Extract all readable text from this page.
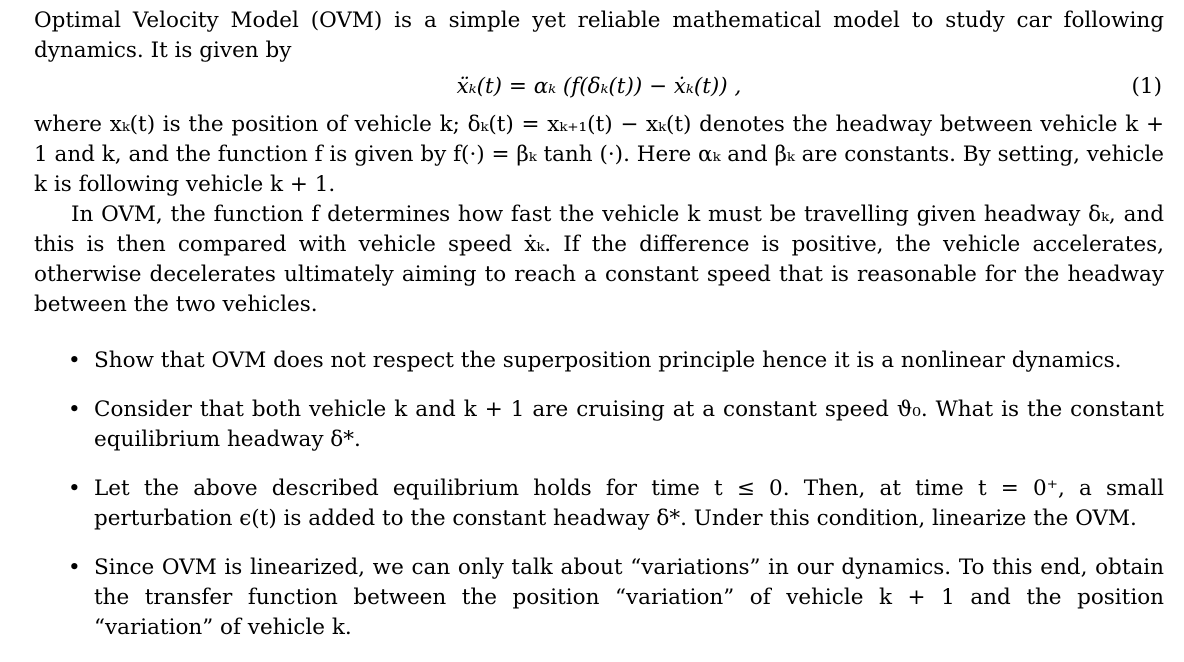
Optimal Velocity Model (OVM) is a simple yet reliable mathematical model to study car following dynamics. It is given by

ẍₖ(t) = αₖ (f(δₖ(t)) − ẋₖ(t)) ,	(1)

where xₖ(t) is the position of vehicle k; δₖ(t) = xₖ₊₁(t) − xₖ(t) denotes the headway between vehicle k + 1 and k, and the function f is given by f(·) = βₖ tanh (·). Here αₖ and βₖ are constants. By setting, vehicle k is following vehicle k + 1.

In OVM, the function f determines how fast the vehicle k must be travelling given headway δₖ, and this is then compared with vehicle speed ẋₖ. If the difference is positive, the vehicle accelerates, otherwise decelerates ultimately aiming to reach a constant speed that is reasonable for the headway between the two vehicles.

• Show that OVM does not respect the superposition principle hence it is a nonlinear dynamics.
• Consider that both vehicle k and k + 1 are cruising at a constant speed ϑ₀. What is the constant equilibrium headway δ*.
• Let the above described equilibrium holds for time t ≤ 0. Then, at time t = 0⁺, a small perturbation ϵ(t) is added to the constant headway δ*. Under this condition, linearize the OVM.
• Since OVM is linearized, we can only talk about “variations” in our dynamics. To this end, obtain the transfer function between the position “variation” of vehicle k + 1 and the position “variation” of vehicle k.
